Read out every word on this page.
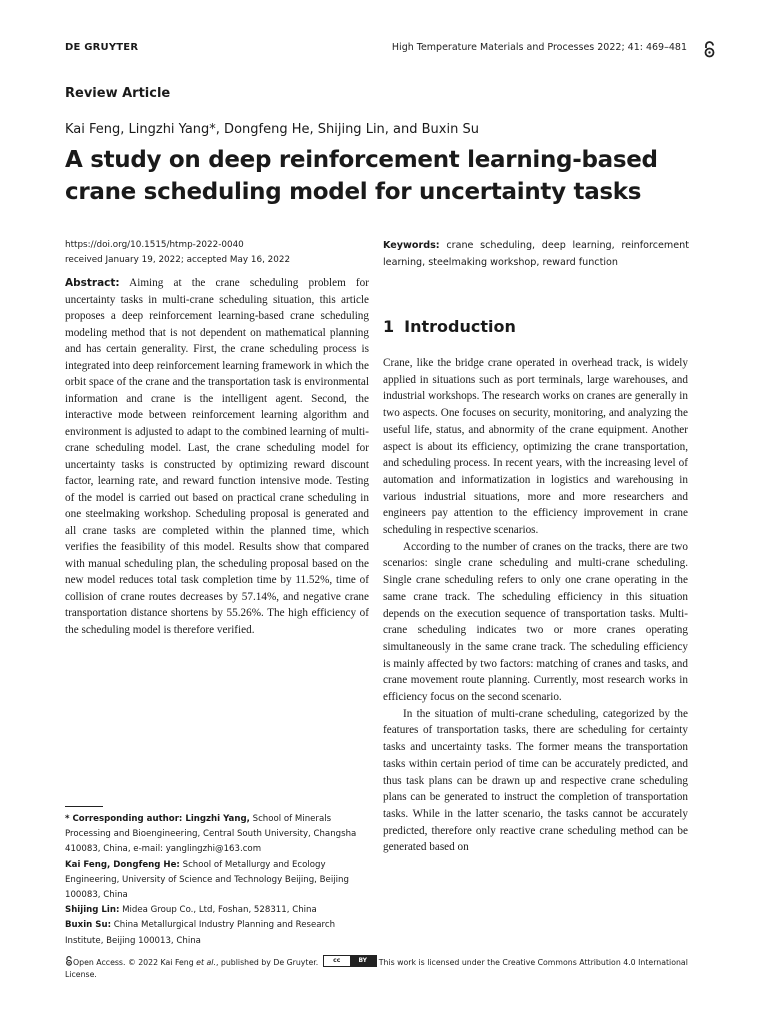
DE GRUYTER	High Temperature Materials and Processes 2022; 41: 469–481
Review Article
Kai Feng, Lingzhi Yang*, Dongfeng He, Shijing Lin, and Buxin Su
A study on deep reinforcement learning-based crane scheduling model for uncertainty tasks
https://doi.org/10.1515/htmp-2022-0040
received January 19, 2022; accepted May 16, 2022
Abstract: Aiming at the crane scheduling problem for uncertainty tasks in multi-crane scheduling situation, this article proposes a deep reinforcement learning-based crane scheduling modeling method that is not dependent on mathematical planning and has certain generality. First, the crane scheduling process is integrated into deep reinforcement learning framework in which the orbit space of the crane and the transportation task is environmental information and crane is the intelligent agent. Second, the interactive mode between reinforcement learning algorithm and environment is adjusted to adapt to the combined learning of multi-crane scheduling model. Last, the crane scheduling model for uncertainty tasks is constructed by optimizing reward discount factor, learning rate, and reward function intensive mode. Testing of the model is carried out based on practical crane scheduling in one steelmaking workshop. Scheduling proposal is generated and all crane tasks are completed within the planned time, which verifies the feasibility of this model. Results show that compared with manual scheduling plan, the scheduling proposal based on the new model reduces total task completion time by 11.52%, time of collision of crane routes decreases by 57.14%, and negative crane transportation distance shortens by 55.26%. The high efficiency of the scheduling model is therefore verified.
Keywords: crane scheduling, deep learning, reinforcement learning, steelmaking workshop, reward function
1 Introduction

Crane, like the bridge crane operated in overhead track, is widely applied in situations such as port terminals, large warehouses, and industrial workshops. The research works on cranes are generally in two aspects. One focuses on security, monitoring, and analyzing the useful life, status, and abnormity of the crane equipment. Another aspect is about its efficiency, optimizing the crane transportation, and scheduling process. In recent years, with the increasing level of automation and informatization in logistics and warehousing in various industrial situations, more and more researchers and engineers pay attention to the efficiency improvement in crane scheduling in respective scenarios.

According to the number of cranes on the tracks, there are two scenarios: single crane scheduling and multi-crane scheduling. Single crane scheduling refers to only one crane operating in the same crane track. The scheduling efficiency in this situation depends on the execution sequence of transportation tasks. Multi-crane scheduling indicates two or more cranes operating simultaneously in the same crane track. The scheduling efficiency is mainly affected by two factors: matching of cranes and tasks, and crane movement route planning. Currently, most research works in efficiency focus on the second scenario.

In the situation of multi-crane scheduling, categorized by the features of transportation tasks, there are scheduling for certainty tasks and uncertainty tasks. The former means the transportation tasks within certain period of time can be accurately predicted, and thus task plans can be drawn up and respective crane scheduling plans can be generated to instruct the completion of transportation tasks. While in the latter scenario, the tasks cannot be accurately predicted, therefore only reactive crane scheduling method can be generated based on

* Corresponding author: Lingzhi Yang, School of Minerals Processing and Bioengineering, Central South University, Changsha 410083, China, e-mail: yanglingzhi@163.com

Kai Feng, Dongfeng He: School of Metallurgy and Ecology Engineering, University of Science and Technology Beijing, Beijing 100083, China

Shijing Lin: Midea Group Co., Ltd, Foshan, 528311, China

Buxin Su: China Metallurgical Industry Planning and Research Institute, Beijing 100013, China

Open Access. © 2022 Kai Feng et al., published by De Gruyter.	cc	BY	This work is licensed under the Creative Commons Attribution 4.0 International License.
